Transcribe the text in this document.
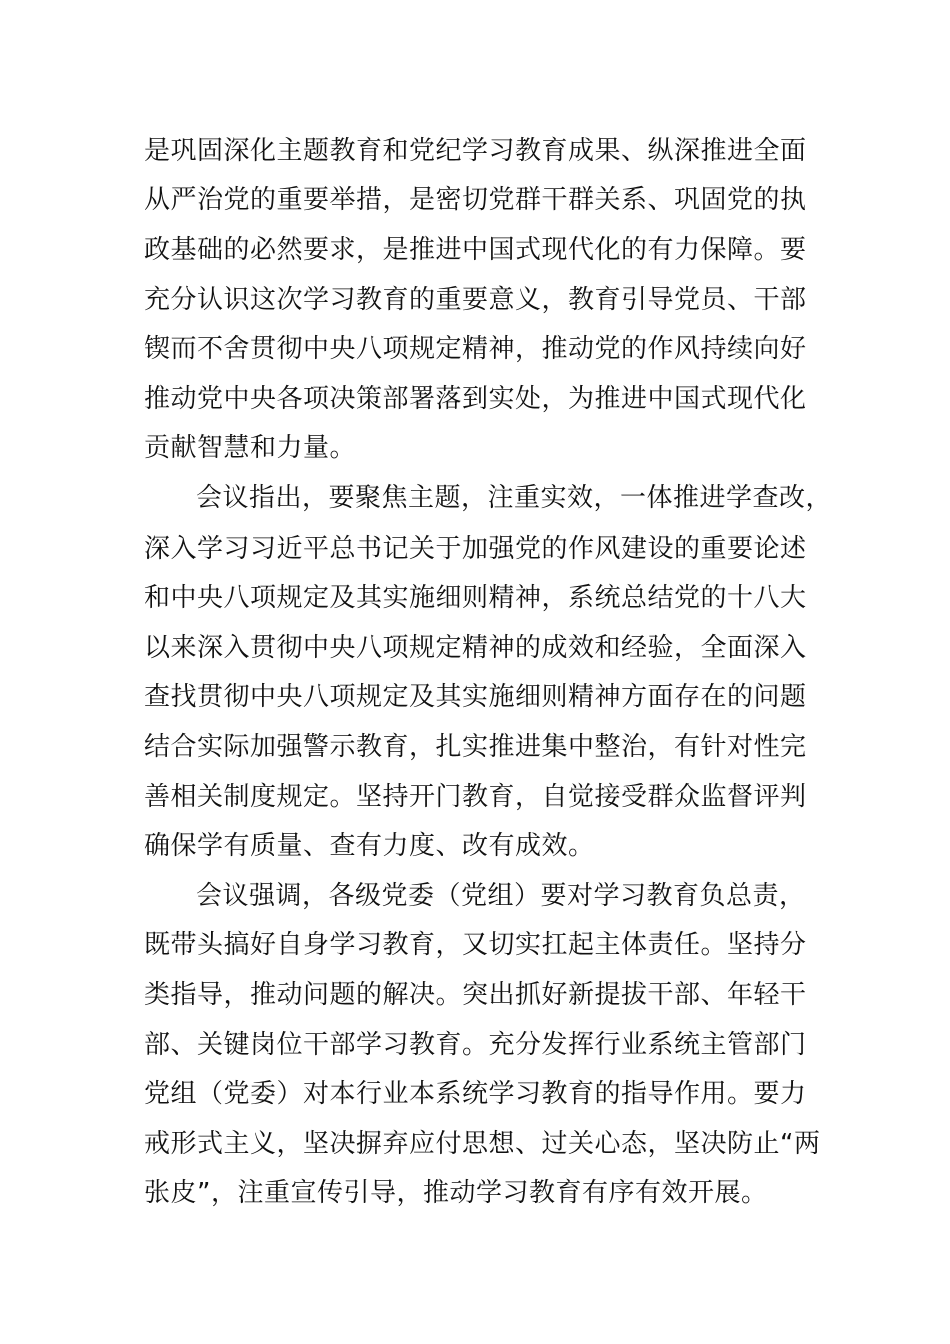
是巩固深化主题教育和党纪学习教育成果、纵深推进全面
从严治党的重要举措，是密切党群干群关系、巩固党的执
政基础的必然要求，是推进中国式现代化的有力保障。要
充分认识这次学习教育的重要意义，教育引导党员、干部
锲而不舍贯彻中央八项规定精神，推动党的作风持续向好
推动党中央各项决策部署落到实处，为推进中国式现代化
贡献智慧和力量。
会议指出，要聚焦主题，注重实效，一体推进学查改，
深入学习习近平总书记关于加强党的作风建设的重要论述
和中央八项规定及其实施细则精神，系统总结党的十八大
以来深入贯彻中央八项规定精神的成效和经验，全面深入
查找贯彻中央八项规定及其实施细则精神方面存在的问题
结合实际加强警示教育，扎实推进集中整治，有针对性完
善相关制度规定。坚持开门教育，自觉接受群众监督评判
确保学有质量、查有力度、改有成效。
会议强调，各级党委（党组）要对学习教育负总责，
既带头搞好自身学习教育，又切实扛起主体责任。坚持分
类指导，推动问题的解决。突出抓好新提拔干部、年轻干
部、关键岗位干部学习教育。充分发挥行业系统主管部门
党组（党委）对本行业本系统学习教育的指导作用。要力
戒形式主义，坚决摒弃应付思想、过关心态，坚决防止“两
张皮”，注重宣传引导，推动学习教育有序有效开展。
